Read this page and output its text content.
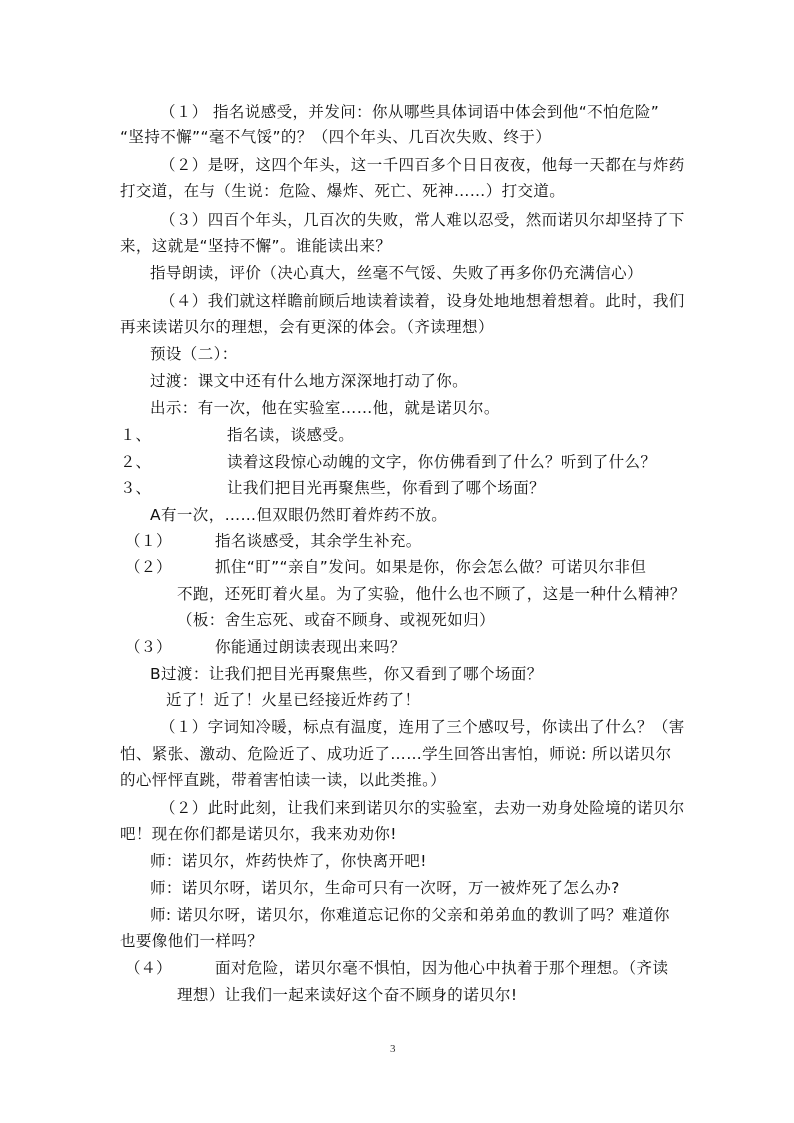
（１） 指名说感受，并发问：你从哪些具体词语中体会到他“不怕危险”

“坚持不懈”“毫不气馁”的？（四个年头、几百次失败、终于）

（２）是呀，这四个年头，这一千四百多个日日夜夜，他每一天都在与炸药

打交道，在与（生说：危险、爆炸、死亡、死神……）打交道。

（３）四百个年头，几百次的失败，常人难以忍受，然而诺贝尔却坚持了下

来，这就是“坚持不懈”。谁能读出来？

指导朗读，评价（决心真大，丝毫不气馁、失败了再多你仍充满信心）

（４）我们就这样瞻前顾后地读着读着，设身处地地想着想着。此时，我们

再来读诺贝尔的理想，会有更深的体会。（齐读理想）

预设（二）：

过渡：课文中还有什么地方深深地打动了你。

出示：有一次，他在实验室……他，就是诺贝尔。

１、	指名读，谈感受。

２、	读着这段惊心动魄的文字，你仿佛看到了什么？听到了什么？

３、	让我们把目光再聚焦些，你看到了哪个场面？

A有一次，……但双眼仍然盯着炸药不放。

（１）	指名谈感受，其余学生补充。

（２）	抓住“盯”“亲自”发问。如果是你，你会怎么做？可诺贝尔非但

不跑，还死盯着火星。为了实验，他什么也不顾了，这是一种什么精神？

（板：舍生忘死、或奋不顾身、或视死如归）

（３）	你能通过朗读表现出来吗？

B过渡：让我们把目光再聚焦些，你又看到了哪个场面？

近了！近了！火星已经接近炸药了！

（１）字词知冷暖，标点有温度，连用了三个感叹号，你读出了什么？（害

怕、紧张、激动、危险近了、成功近了……学生回答出害怕，师说: 所以诺贝尔

的心怦怦直跳，带着害怕读一读，以此类推。）

（２）此时此刻，让我们来到诺贝尔的实验室，去劝一劝身处险境的诺贝尔

吧！现在你们都是诺贝尔，我来劝劝你!

师：诺贝尔，炸药快炸了，你快离开吧!

师：诺贝尔呀，诺贝尔，生命可只有一次呀，万一被炸死了怎么办?

师: 诺贝尔呀，诺贝尔，你难道忘记你的父亲和弟弟血的教训了吗？难道你

也要像他们一样吗？

（４）	面对危险，诺贝尔毫不惧怕，因为他心中执着于那个理想。（齐读

理想）让我们一起来读好这个奋不顾身的诺贝尔!

3
